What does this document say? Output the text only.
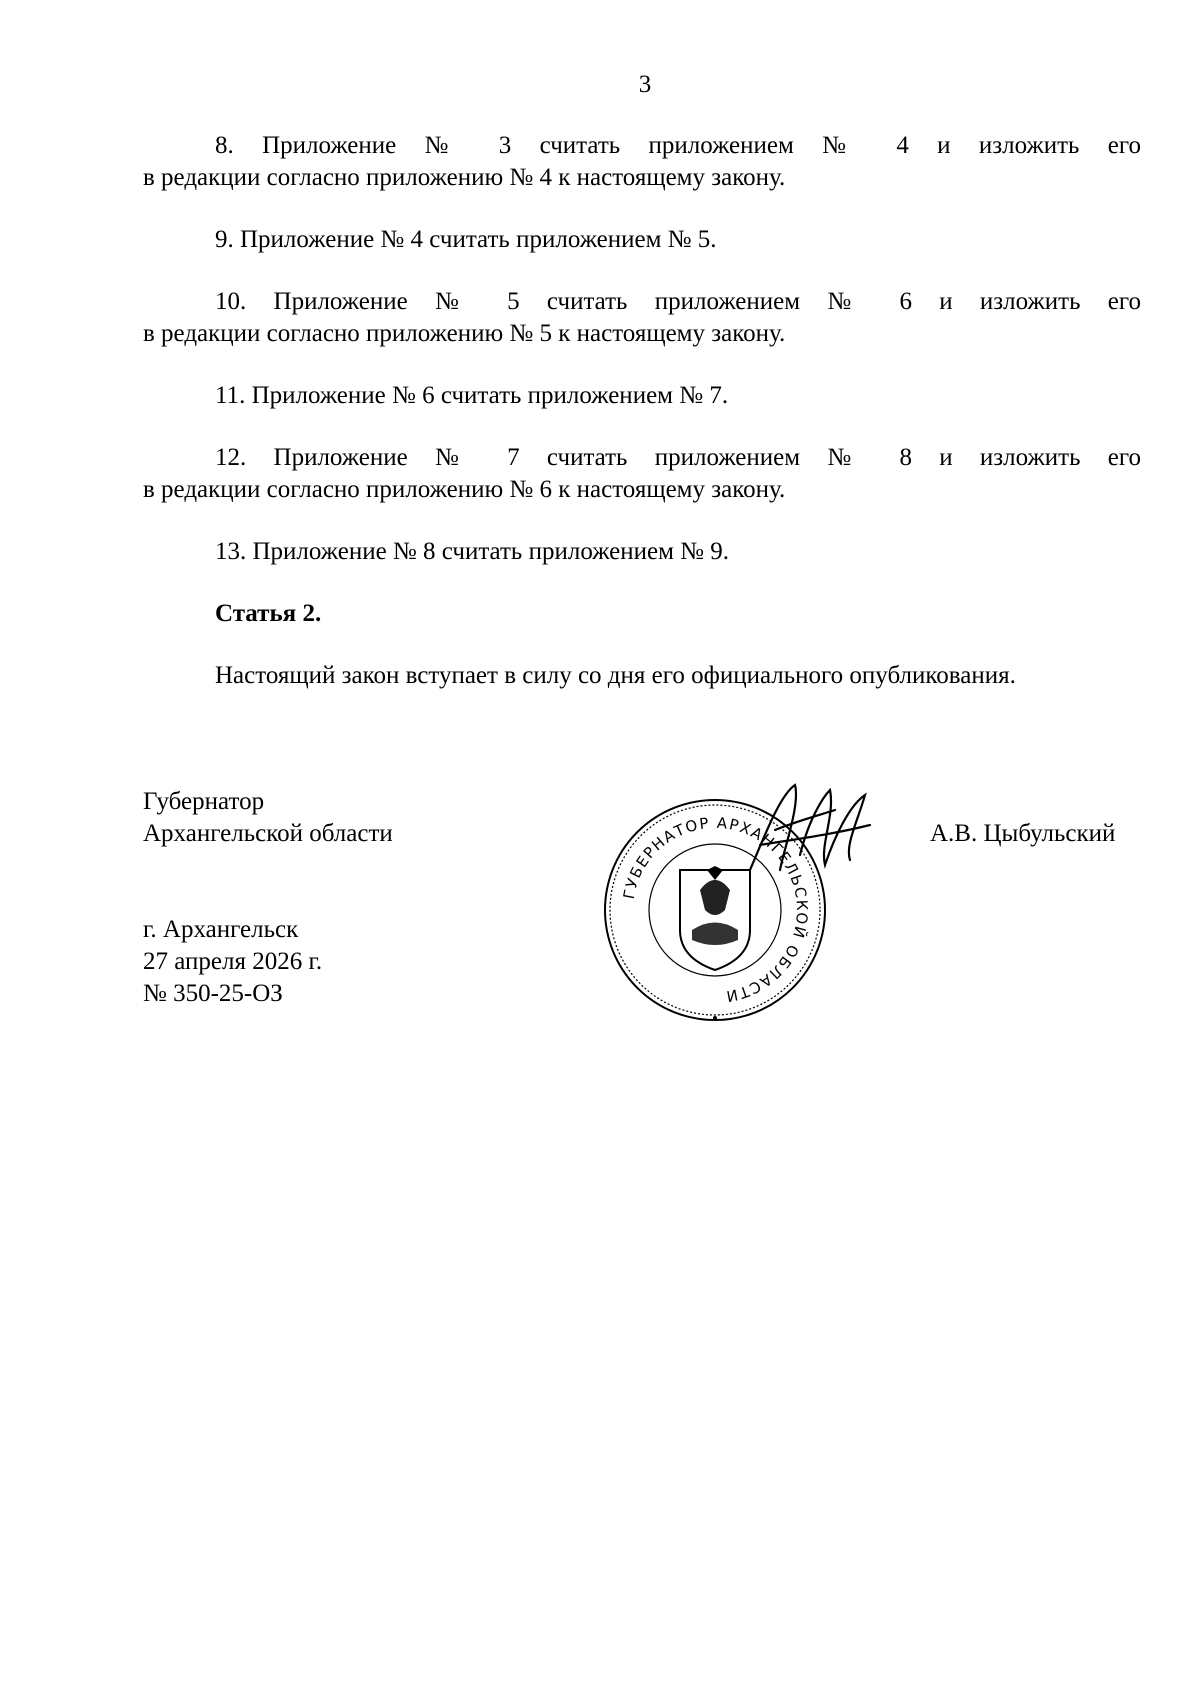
3
8. Приложение № 3 считать приложением № 4 и изложить его
в редакции согласно приложению № 4 к настоящему закону.
9. Приложение № 4 считать приложением № 5.
10. Приложение № 5 считать приложением № 6 и изложить его
в редакции согласно приложению № 5 к настоящему закону.
11. Приложение № 6 считать приложением № 7.
12. Приложение № 7 считать приложением № 8 и изложить его
в редакции согласно приложению № 6 к настоящему закону.
13. Приложение № 8 считать приложением № 9.
Статья 2.
Настоящий закон вступает в силу со дня его официального опубликования.
Губернатор
Архангельской области	А.В. Цыбульский
г. Архангельск
27 апреля 2026 г.
№ 350-25-ОЗ
ГУБЕРНАТОР АРХАНГЕЛЬСКОЙ ОБЛАСТИ
